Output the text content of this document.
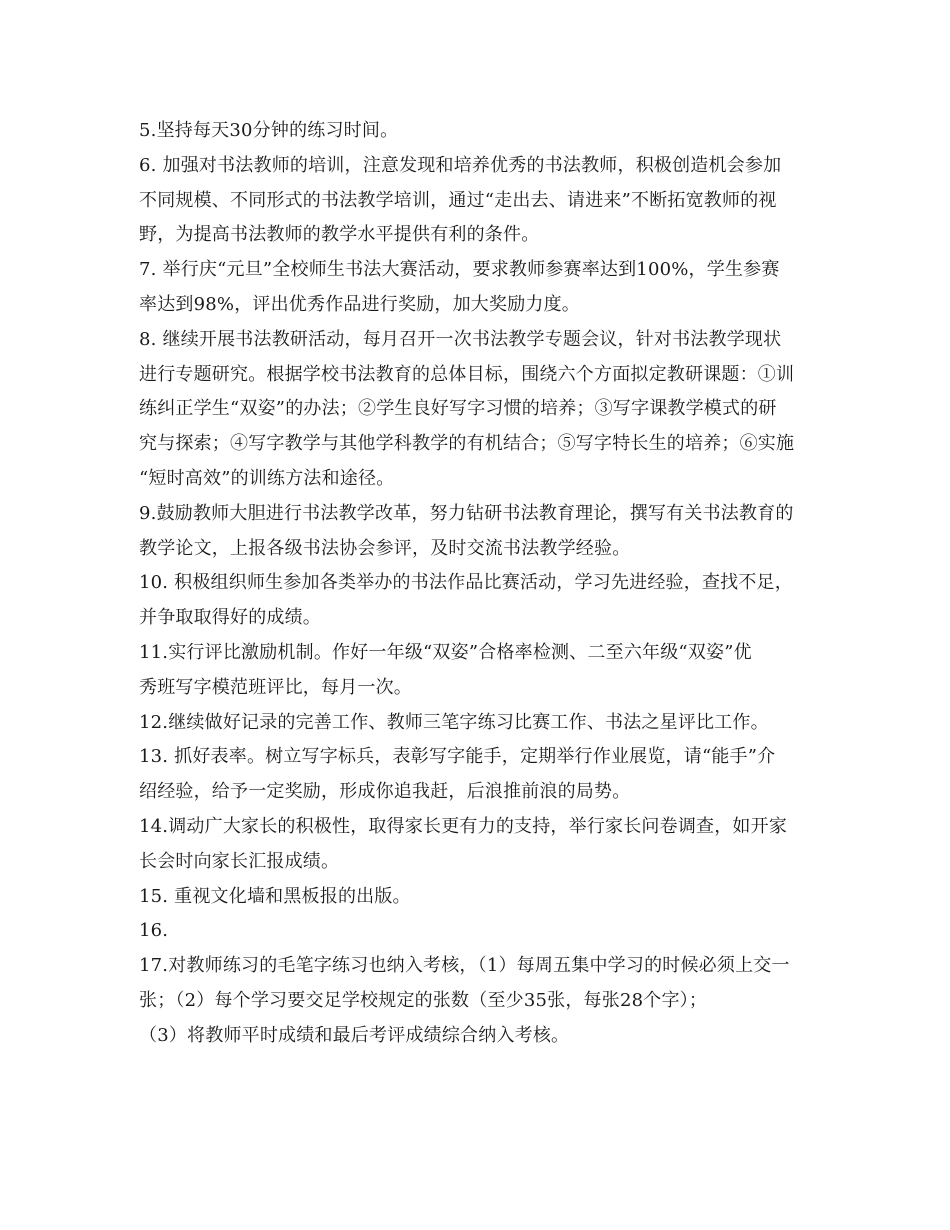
5.坚持每天30分钟的练习时间。
6. 加强对书法教师的培训，注意发现和培养优秀的书法教师，积极创造机会参加
不同规模、不同形式的书法教学培训，通过“走出去、请进来”不断拓宽教师的视
野，为提高书法教师的教学水平提供有利的条件。
7. 举行庆“元旦”全校师生书法大赛活动，要求教师参赛率达到100%，学生参赛
率达到98%，评出优秀作品进行奖励，加大奖励力度。
8. 继续开展书法教研活动，每月召开一次书法教学专题会议，针对书法教学现状
进行专题研究。根据学校书法教育的总体目标，围绕六个方面拟定教研课题：①训
练纠正学生“双姿”的办法；②学生良好写字习惯的培养；③写字课教学模式的研
究与探索；④写字教学与其他学科教学的有机结合；⑤写字特长生的培养；⑥实施
“短时高效”的训练方法和途径。
9.鼓励教师大胆进行书法教学改革，努力钻研书法教育理论，撰写有关书法教育的
教学论文，上报各级书法协会参评，及时交流书法教学经验。
10. 积极组织师生参加各类举办的书法作品比赛活动，学习先进经验，查找不足，
并争取取得好的成绩。
11.实行评比激励机制。作好一年级“双姿”合格率检测、二至六年级“双姿”优
秀班写字模范班评比，每月一次。
12.继续做好记录的完善工作、教师三笔字练习比赛工作、书法之星评比工作。
13. 抓好表率。树立写字标兵，表彰写字能手，定期举行作业展览，请“能手”介
绍经验，给予一定奖励，形成你追我赶，后浪推前浪的局势。
14.调动广大家长的积极性，取得家长更有力的支持，举行家长问卷调查，如开家
长会时向家长汇报成绩。
15. 重视文化墙和黑板报的出版。
16.
17.对教师练习的毛笔字练习也纳入考核，（1）每周五集中学习的时候必须上交一
张；（2）每个学习要交足学校规定的张数（至少35张，每张28个字）；
（3）将教师平时成绩和最后考评成绩综合纳入考核。
